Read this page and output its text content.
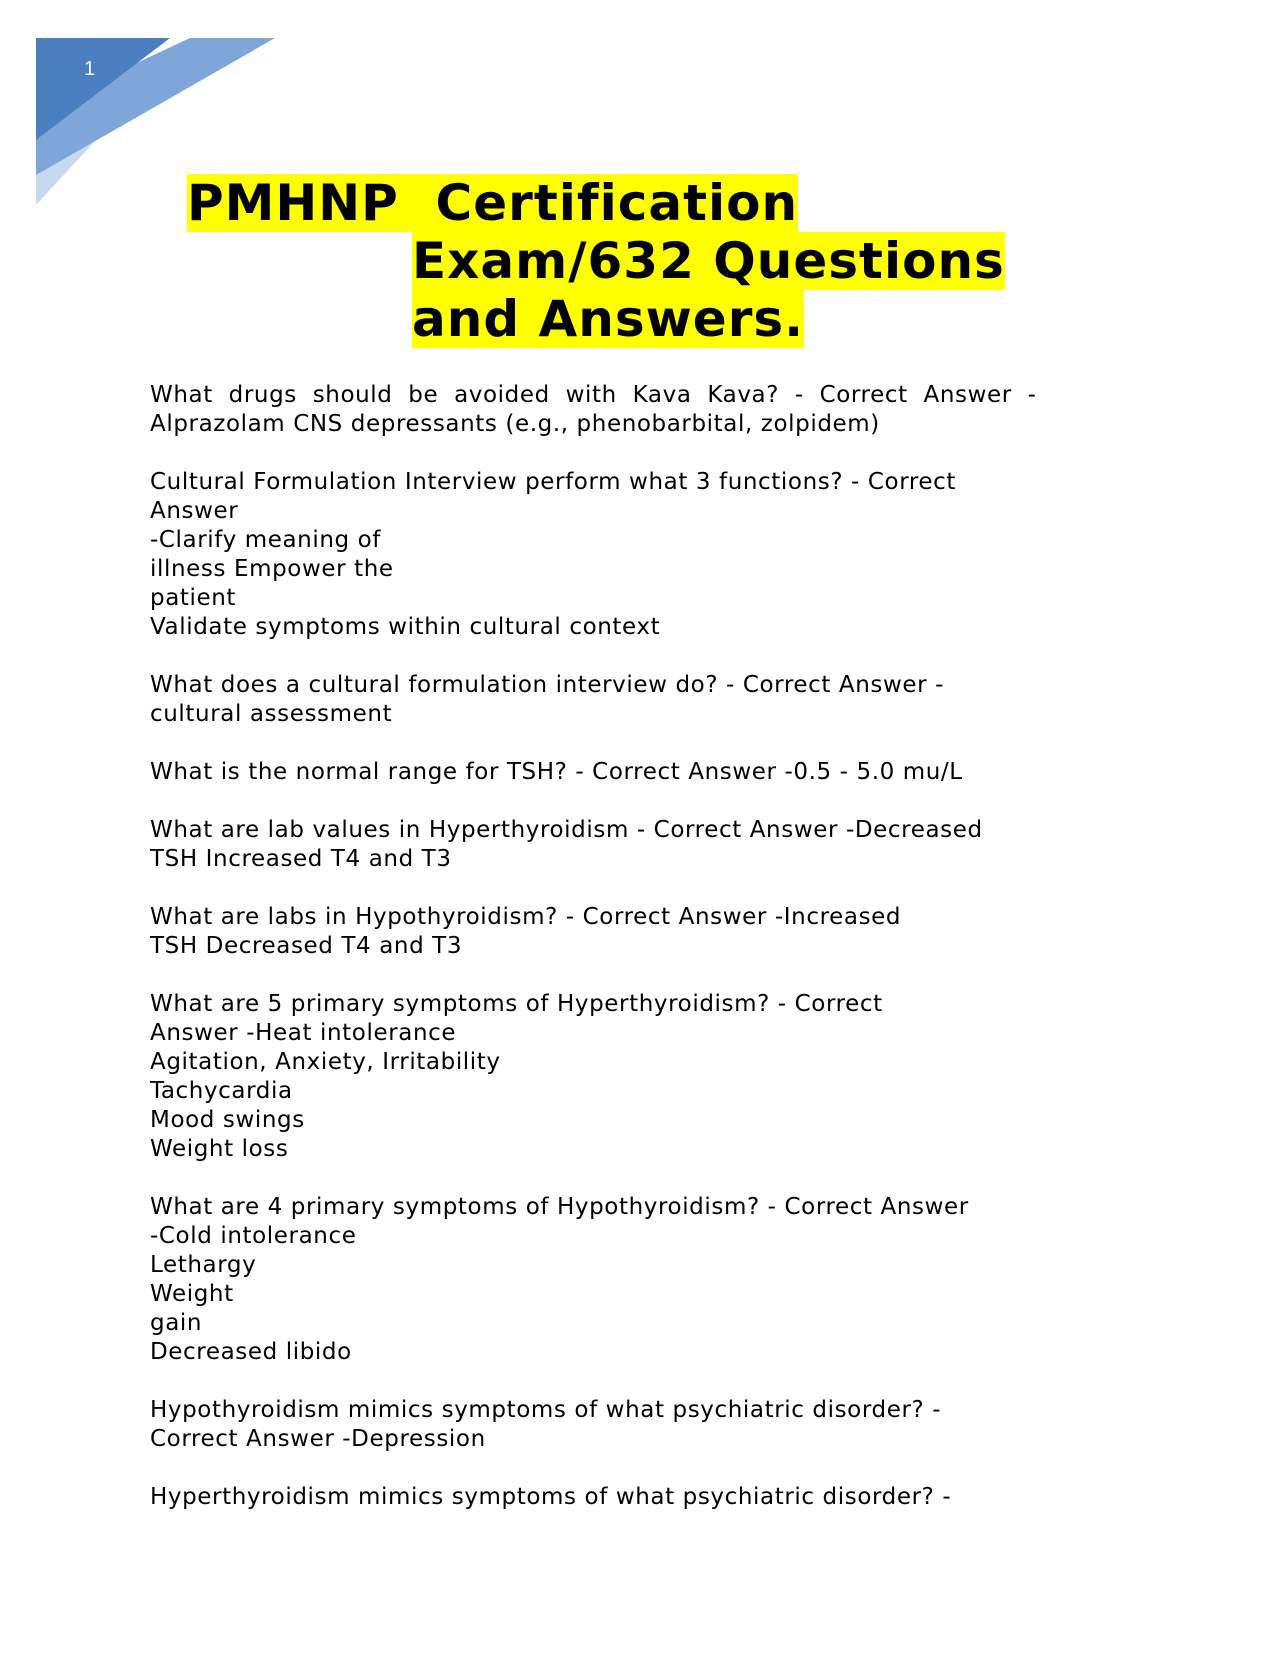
1
PMHNP  Certification
Exam/632 Questions
and Answers.
What  drugs  should  be  avoided  with  Kava  Kava?  -  Correct  Answer  -
Alprazolam CNS depressants (e.g., phenobarbital, zolpidem)
Cultural Formulation Interview perform what 3 functions? - Correct
Answer
-Clarify meaning of
illness Empower the
patient
Validate symptoms within cultural context
What does a cultural formulation interview do? - Correct Answer -
cultural assessment
What is the normal range for TSH? - Correct Answer -0.5 - 5.0 mu/L
What are lab values in Hyperthyroidism - Correct Answer -Decreased
TSH Increased T4 and T3
What are labs in Hypothyroidism? - Correct Answer -Increased
TSH Decreased T4 and T3
What are 5 primary symptoms of Hyperthyroidism? - Correct
Answer -Heat intolerance
Agitation, Anxiety, Irritability
Tachycardia
Mood swings
Weight loss
What are 4 primary symptoms of Hypothyroidism? - Correct Answer
-Cold intolerance
Lethargy
Weight
gain
Decreased libido
Hypothyroidism mimics symptoms of what psychiatric disorder? -
Correct Answer -Depression
Hyperthyroidism mimics symptoms of what psychiatric disorder? -
